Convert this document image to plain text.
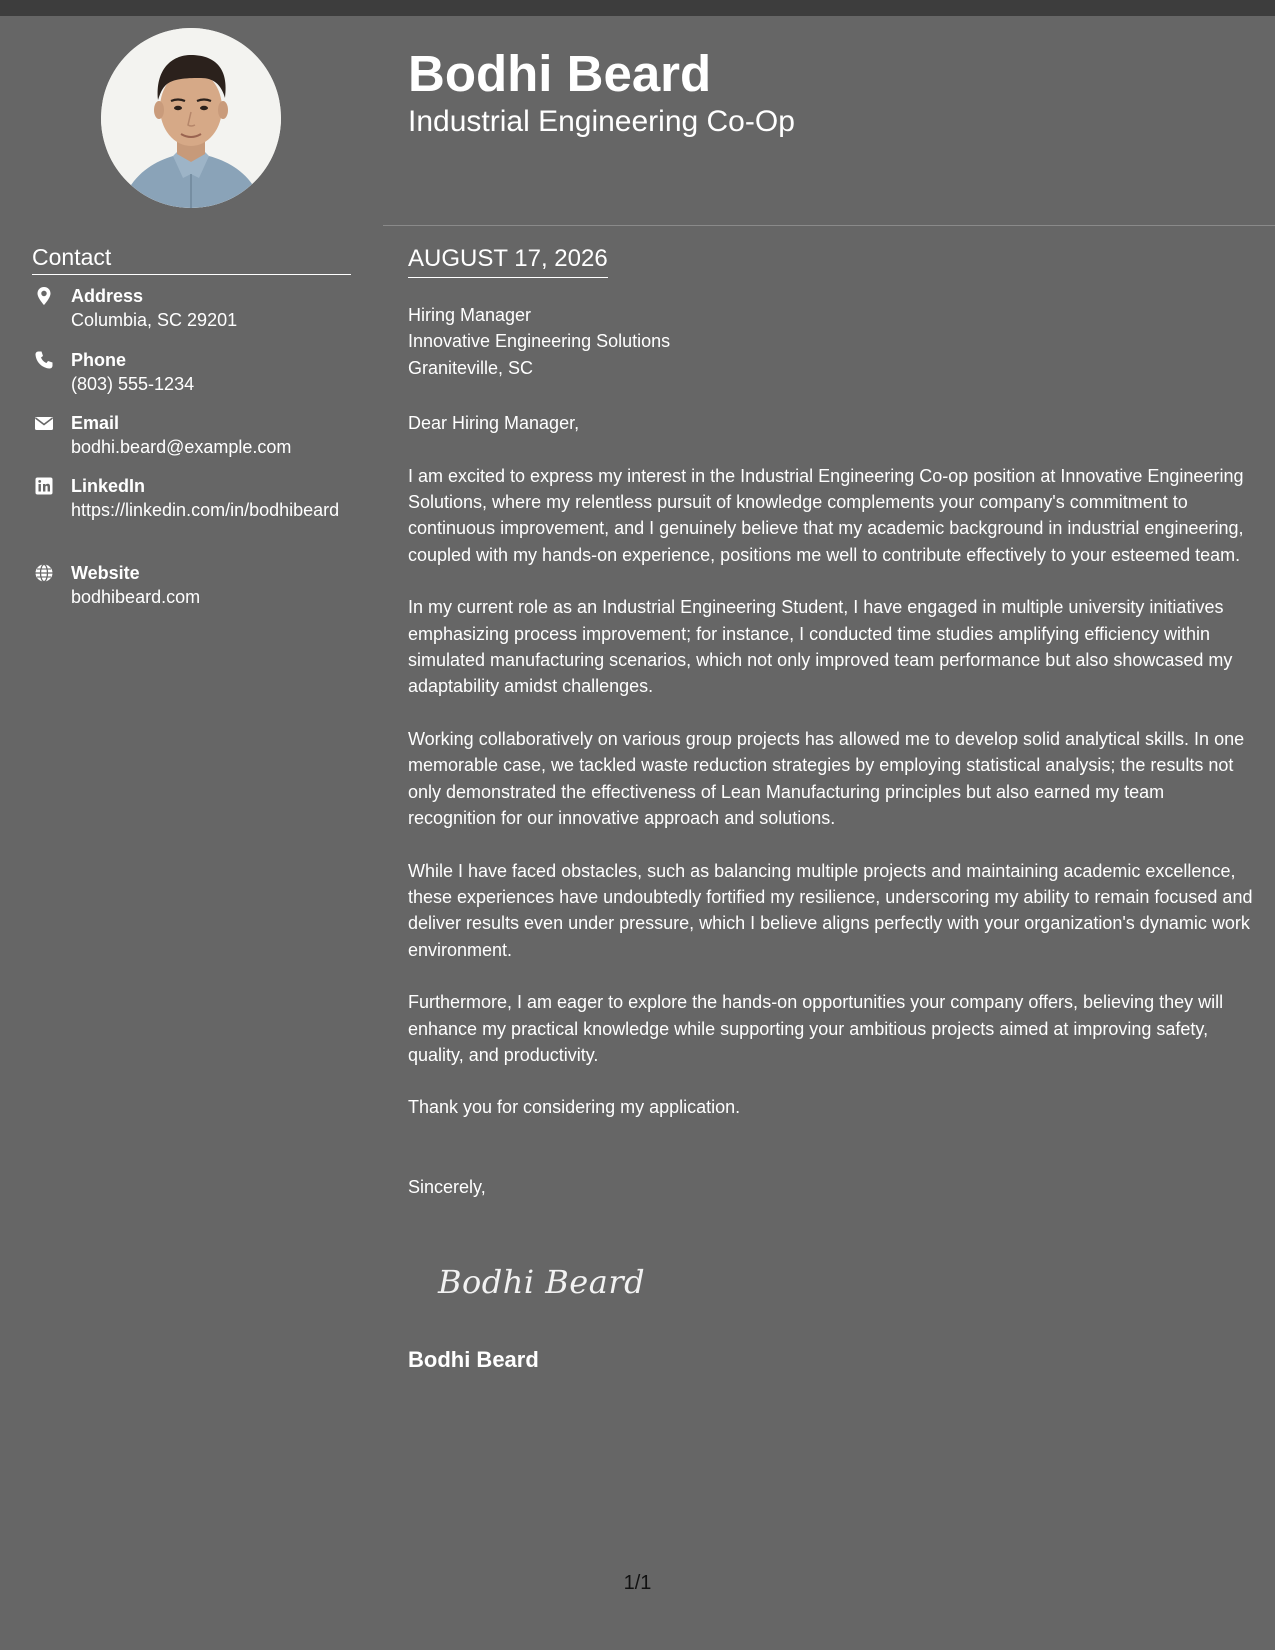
Contact
Address
Columbia, SC 29201
Phone
(803) 555-1234
Email
bodhi.beard@example.com
LinkedIn
https://linkedin.com/in/bodhibeard
Website
bodhibeard.com
Bodhi Beard
Industrial Engineering Co-Op
AUGUST 17, 2026
Hiring Manager
Innovative Engineering Solutions
Graniteville, SC
Dear Hiring Manager,
I am excited to express my interest in the Industrial Engineering Co-op position at Innovative Engineering Solutions, where my relentless pursuit of knowledge complements your company's commitment to continuous improvement, and I genuinely believe that my academic background in industrial engineering, coupled with my hands-on experience, positions me well to contribute effectively to your esteemed team.
In my current role as an Industrial Engineering Student, I have engaged in multiple university initiatives emphasizing process improvement; for instance, I conducted time studies amplifying efficiency within simulated manufacturing scenarios, which not only improved team performance but also showcased my adaptability amidst challenges.
Working collaboratively on various group projects has allowed me to develop solid analytical skills. In one memorable case, we tackled waste reduction strategies by employing statistical analysis; the results not only demonstrated the effectiveness of Lean Manufacturing principles but also earned my team recognition for our innovative approach and solutions.
While I have faced obstacles, such as balancing multiple projects and maintaining academic excellence, these experiences have undoubtedly fortified my resilience, underscoring my ability to remain focused and deliver results even under pressure, which I believe aligns perfectly with your organization's dynamic work environment.
Furthermore, I am eager to explore the hands-on opportunities your company offers, believing they will enhance my practical knowledge while supporting your ambitious projects aimed at improving safety, quality, and productivity.
Thank you for considering my application.
Sincerely,
Bodhi Beard
Bodhi Beard
1/1
